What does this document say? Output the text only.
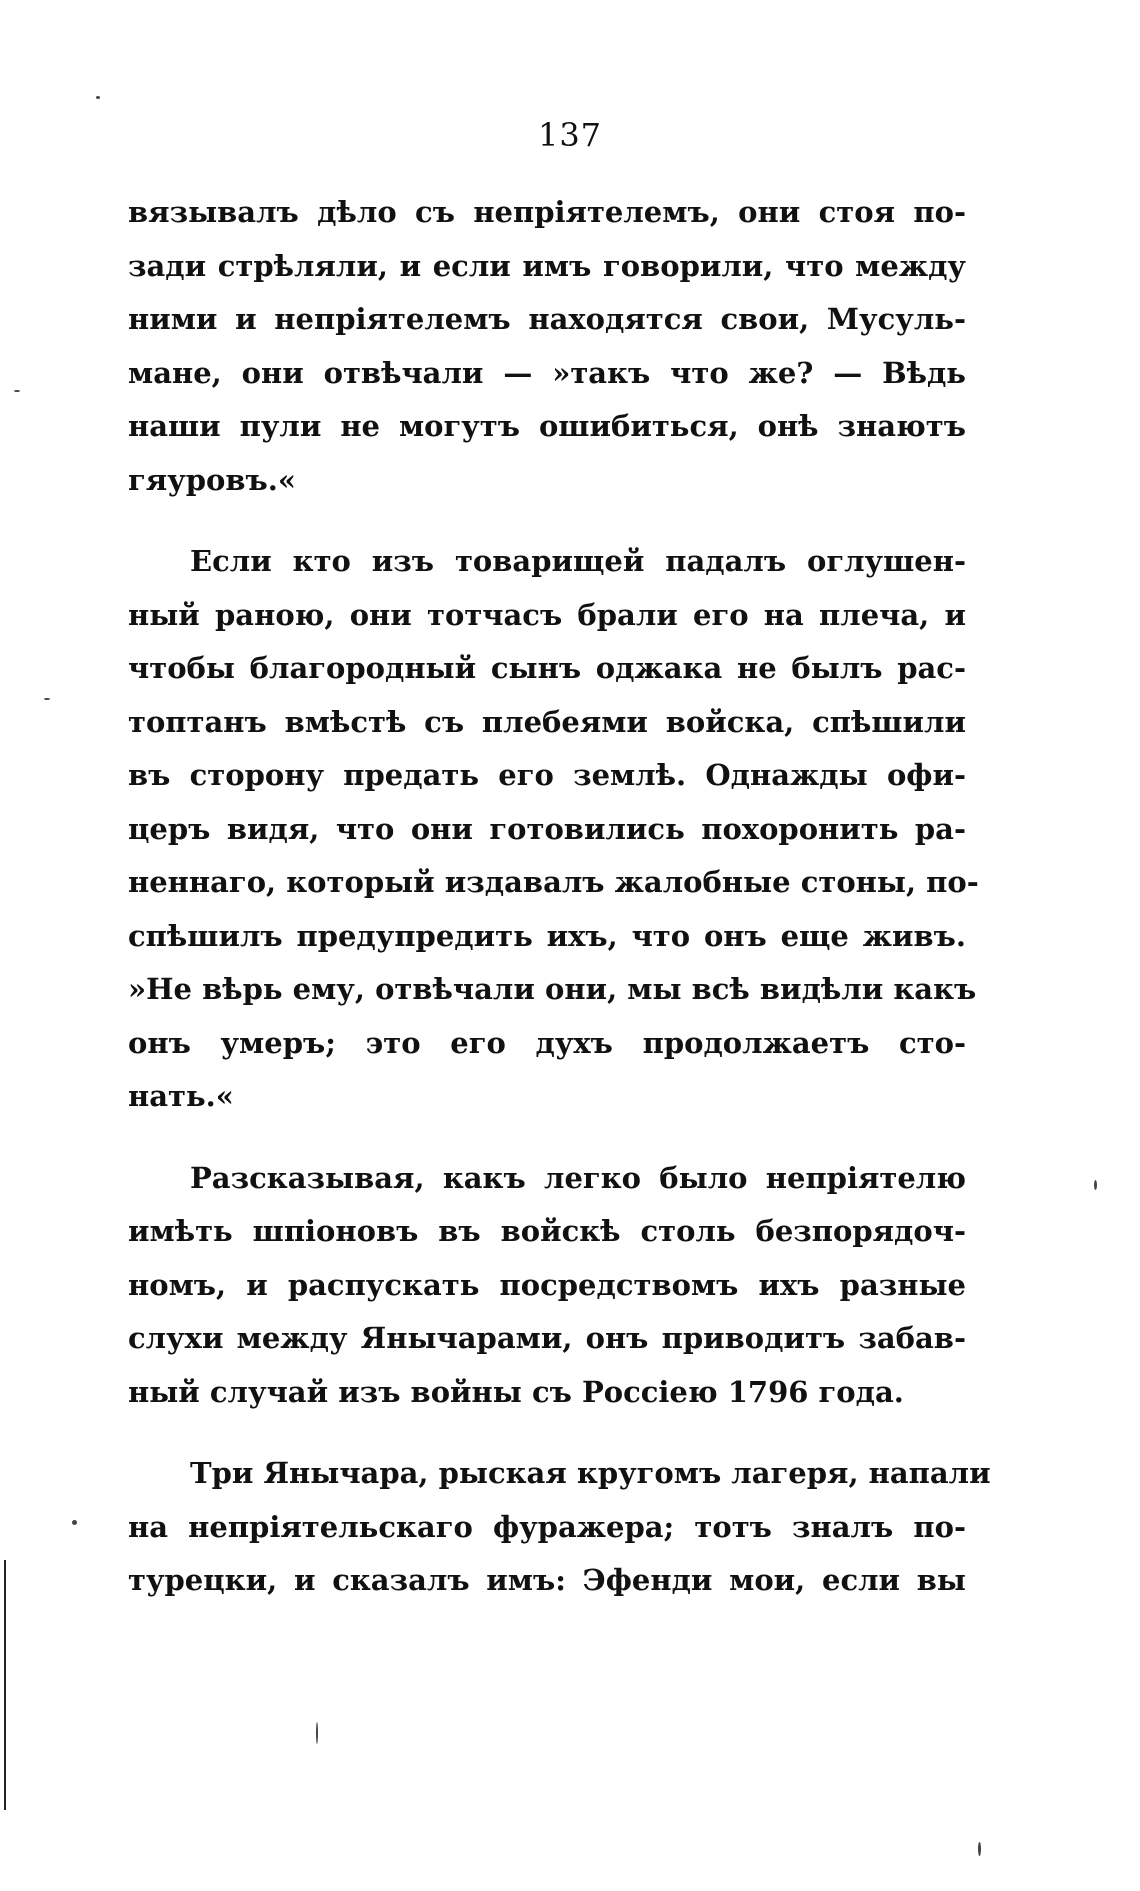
137
вязывалъ дѣло съ непріятелемъ, они стоя по-
зади стрѣляли, и если имъ говорили, что между
ними и непріятелемъ находятся свои, Мусуль-
мане, они отвѣчали — »такъ что же? — Вѣдь
наши пули не могутъ ошибиться, онѣ знаютъ
гяуровъ.«
Если кто изъ товарищей падалъ оглушен-
ный раною, они тотчасъ брали его на плеча, и
чтобы благородный сынъ оджака не былъ рас-
топтанъ вмѣстѣ съ плебеями войска, спѣшили
въ сторону предать его землѣ. Однажды офи-
церъ видя, что они готовились похоронить ра-
неннаго, который издавалъ жалобные стоны, по-
спѣшилъ предупредить ихъ, что онъ еще живъ.
»Не вѣрь ему, отвѣчали они, мы всѣ видѣли какъ
онъ умеръ; это его духъ продолжаетъ сто-
нать.«
Разсказывая, какъ легко было непріятелю
имѣть шпіоновъ въ войскѣ столь безпорядоч-
номъ, и распускать посредствомъ ихъ разные
слухи между Янычарами, онъ приводитъ забав-
ный случай изъ войны съ Россіею 1796 года.
Три Янычара, рыская кругомъ лагеря, напали
на непріятельскаго фуражера; тотъ зналъ по-
турецки, и сказалъ имъ: Эфенди мои, если вы
